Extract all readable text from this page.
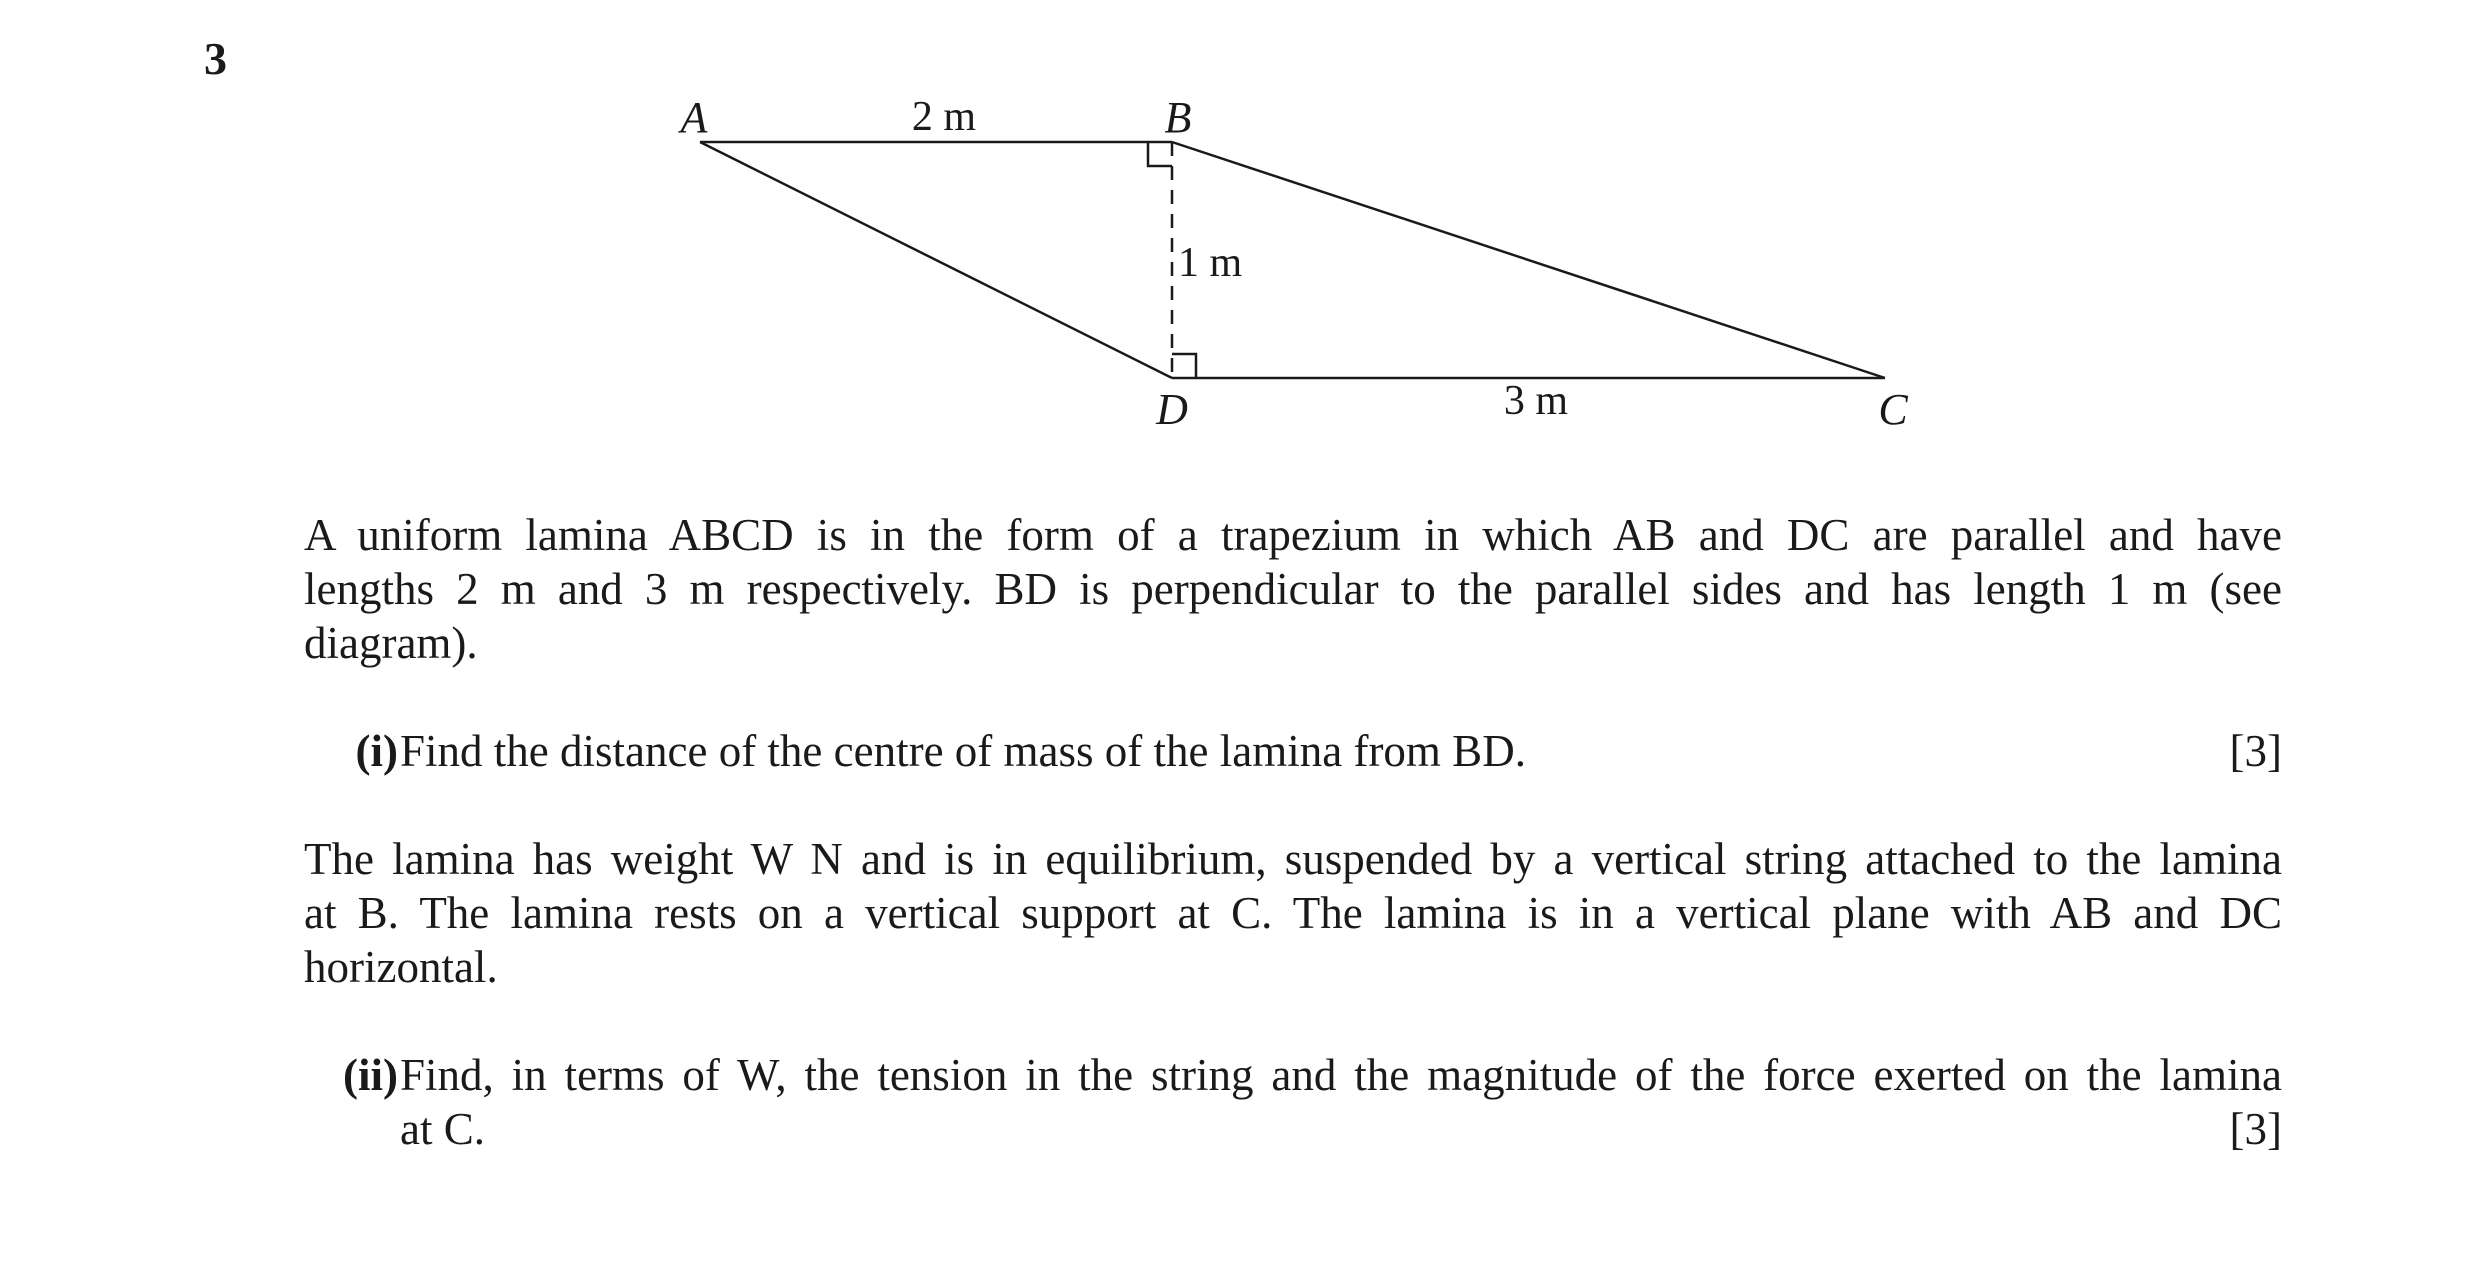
3
A	B
D	C
2 m
1 m
3 m
A uniform lamina ABCD is in the form of a trapezium in which AB and DC are parallel and have
lengths 2 m and 3 m respectively. BD is perpendicular to the parallel sides and has length 1 m (see
diagram).
(i) Find the distance of the centre of mass of the lamina from BD.	[3]
The lamina has weight W N and is in equilibrium, suspended by a vertical string attached to the lamina
at B. The lamina rests on a vertical support at C. The lamina is in a vertical plane with AB and DC
horizontal.
(ii) Find, in terms of W, the tension in the string and the magnitude of the force exerted on the lamina
at C.	[3]
